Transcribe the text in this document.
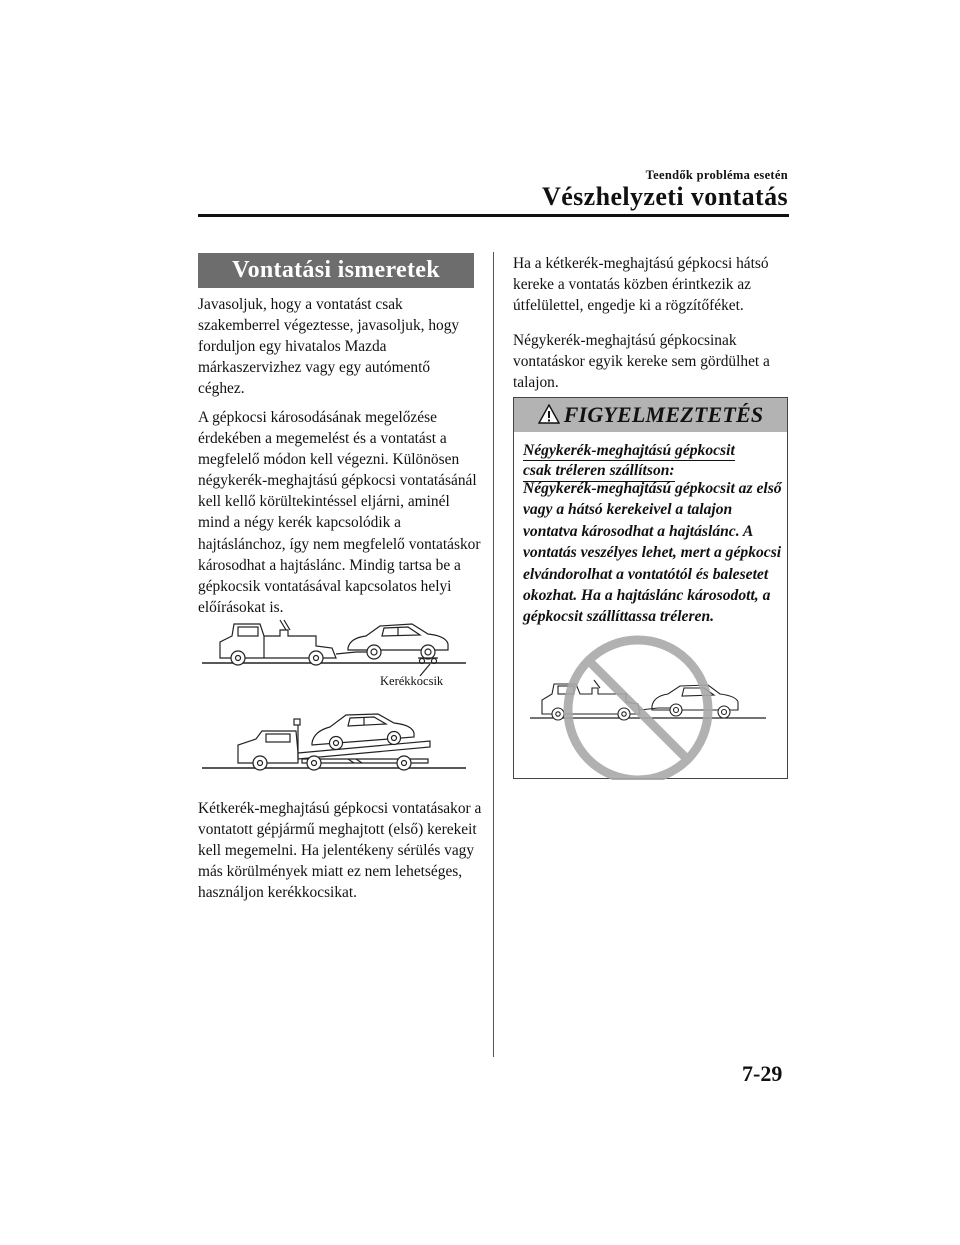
Teendők probléma esetén
Vészhelyzeti vontatás
Vontatási ismeretek
Javasoljuk, hogy a vontatást csak szakemberrel végeztesse, javasoljuk, hogy forduljon egy hivatalos Mazda márkaszervizhez vagy egy autómentő céghez.
A gépkocsi károsodásának megelőzése érdekében a megemelést és a vontatást a megfelelő módon kell végezni. Különösen négykerék-meghajtású gépkocsi vontatásánál kell kellő körültekintéssel eljárni, aminél mind a négy kerék kapcsolódik a hajtáslánchoz, így nem megfelelő vontatáskor károsodhat a hajtáslánc. Mindig tartsa be a gépkocsik vontatásával kapcsolatos helyi előírásokat is.
Kerékkocsik
Kétkerék-meghajtású gépkocsi vontatásakor a vontatott gépjármű meghajtott (első) kerekeit kell megemelni. Ha jelentékeny sérülés vagy más körülmények miatt ez nem lehetséges, használjon kerékkocsikat.
Ha a kétkerék-meghajtású gépkocsi hátsó kereke a vontatás közben érintkezik az útfelülettel, engedje ki a rögzítőféket.
Négykerék-meghajtású gépkocsinak vontatáskor egyik kereke sem gördülhet a talajon.
FIGYELMEZTETÉS
Négykerék-meghajtású gépkocsit
csak tréleren szállítson:
Négykerék-meghajtású gépkocsit az első vagy a hátsó kerekeivel a talajon vontatva károsodhat a hajtáslánc. A vontatás veszélyes lehet, mert a gépkocsi elvándorolhat a vontatótól és balesetet okozhat. Ha a hajtáslánc károsodott, a gépkocsit szállíttassa tréleren.
7-29
